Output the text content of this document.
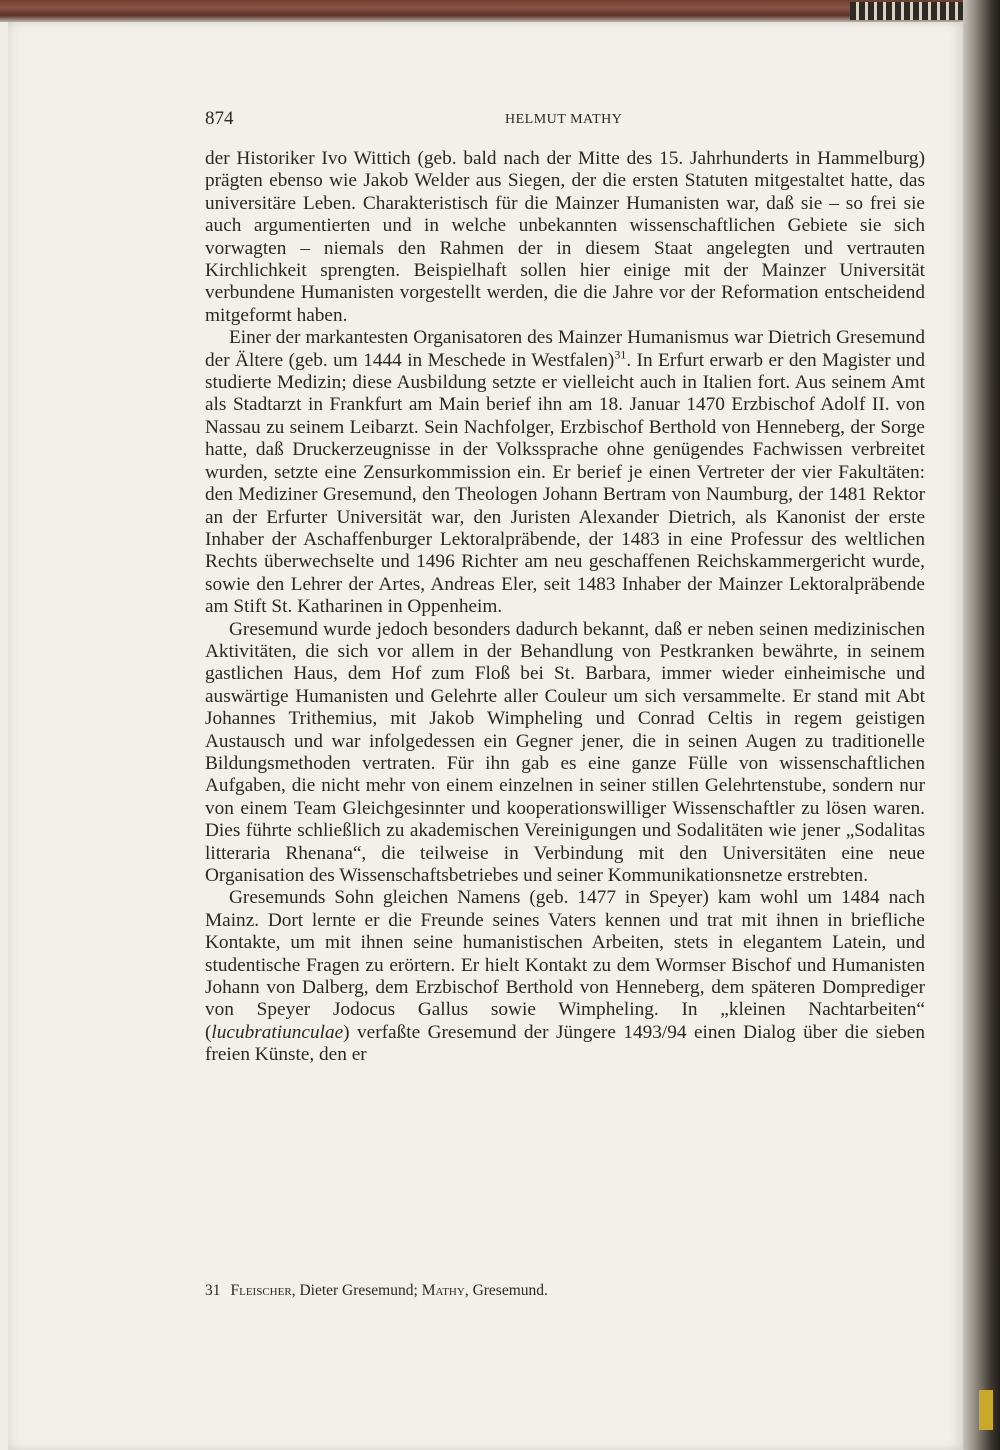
874	HELMUT MATHY

der Historiker Ivo Wittich (geb. bald nach der Mitte des 15. Jahrhunderts in Hammelburg) prägten ebenso wie Jakob Welder aus Siegen, der die ersten Statuten mitgestaltet hatte, das universitäre Leben. Charakteristisch für die Mainzer Humanisten war, daß sie – so frei sie auch argumentierten und in welche unbekannten wissenschaftlichen Gebiete sie sich vorwagten – niemals den Rahmen der in diesem Staat angelegten und vertrauten Kirchlichkeit sprengten. Beispielhaft sollen hier einige mit der Mainzer Universität verbundene Humanisten vorgestellt werden, die die Jahre vor der Reformation entscheidend mitgeformt haben.

Einer der markantesten Organisatoren des Mainzer Humanismus war Dietrich Gresemund der Ältere (geb. um 1444 in Meschede in Westfalen)$^{31}$. In Erfurt erwarb er den Magister und studierte Medizin; diese Ausbildung setzte er vielleicht auch in Italien fort. Aus seinem Amt als Stadtarzt in Frankfurt am Main berief ihn am 18. Januar 1470 Erzbischof Adolf II. von Nassau zu seinem Leibarzt. Sein Nachfolger, Erzbischof Berthold von Henneberg, der Sorge hatte, daß Druckerzeugnisse in der Volkssprache ohne genügendes Fachwissen verbreitet wurden, setzte eine Zensurkommission ein. Er berief je einen Vertreter der vier Fakultäten: den Mediziner Gresemund, den Theologen Johann Bertram von Naumburg, der 1481 Rektor an der Erfurter Universität war, den Juristen Alexander Dietrich, als Kanonist der erste Inhaber der Aschaffenburger Lektoralpräbende, der 1483 in eine Professur des weltlichen Rechts überwechselte und 1496 Richter am neu geschaffenen Reichskammergericht wurde, sowie den Lehrer der Artes, Andreas Eler, seit 1483 Inhaber der Mainzer Lektoralpräbende am Stift St. Katharinen in Oppenheim.

Gresemund wurde jedoch besonders dadurch bekannt, daß er neben seinen medizinischen Aktivitäten, die sich vor allem in der Behandlung von Pestkranken bewährte, in seinem gastlichen Haus, dem Hof zum Floß bei St. Barbara, immer wieder einheimische und auswärtige Humanisten und Gelehrte aller Couleur um sich versammelte. Er stand mit Abt Johannes Trithemius, mit Jakob Wimpheling und Conrad Celtis in regem geistigen Austausch und war infolgedessen ein Gegner jener, die in seinen Augen zu traditionelle Bildungsmethoden vertraten. Für ihn gab es eine ganze Fülle von wissenschaftlichen Aufgaben, die nicht mehr von einem einzelnen in seiner stillen Gelehrtenstube, sondern nur von einem Team Gleichgesinnter und kooperationswilliger Wissenschaftler zu lösen waren. Dies führte schließlich zu akademischen Vereinigungen und Sodalitäten wie jener „Sodalitas litteraria Rhenana“, die teilweise in Verbindung mit den Universitäten eine neue Organisation des Wissenschaftsbetriebes und seiner Kommunikationsnetze erstrebten.

Gresemunds Sohn gleichen Namens (geb. 1477 in Speyer) kam wohl um 1484 nach Mainz. Dort lernte er die Freunde seines Vaters kennen und trat mit ihnen in briefliche Kontakte, um mit ihnen seine humanistischen Arbeiten, stets in elegantem Latein, und studentische Fragen zu erörtern. Er hielt Kontakt zu dem Wormser Bischof und Humanisten Johann von Dalberg, dem Erzbischof Berthold von Henneberg, dem späteren Domprediger von Speyer Jodocus Gallus sowie Wimpheling. In „kleinen Nachtarbeiten“ (lucubratiunculae) verfaßte Gresemund der Jüngere 1493/94 einen Dialog über die sieben freien Künste, den er

31 Fleischer, Dieter Gresemund; Mathy, Gresemund.
